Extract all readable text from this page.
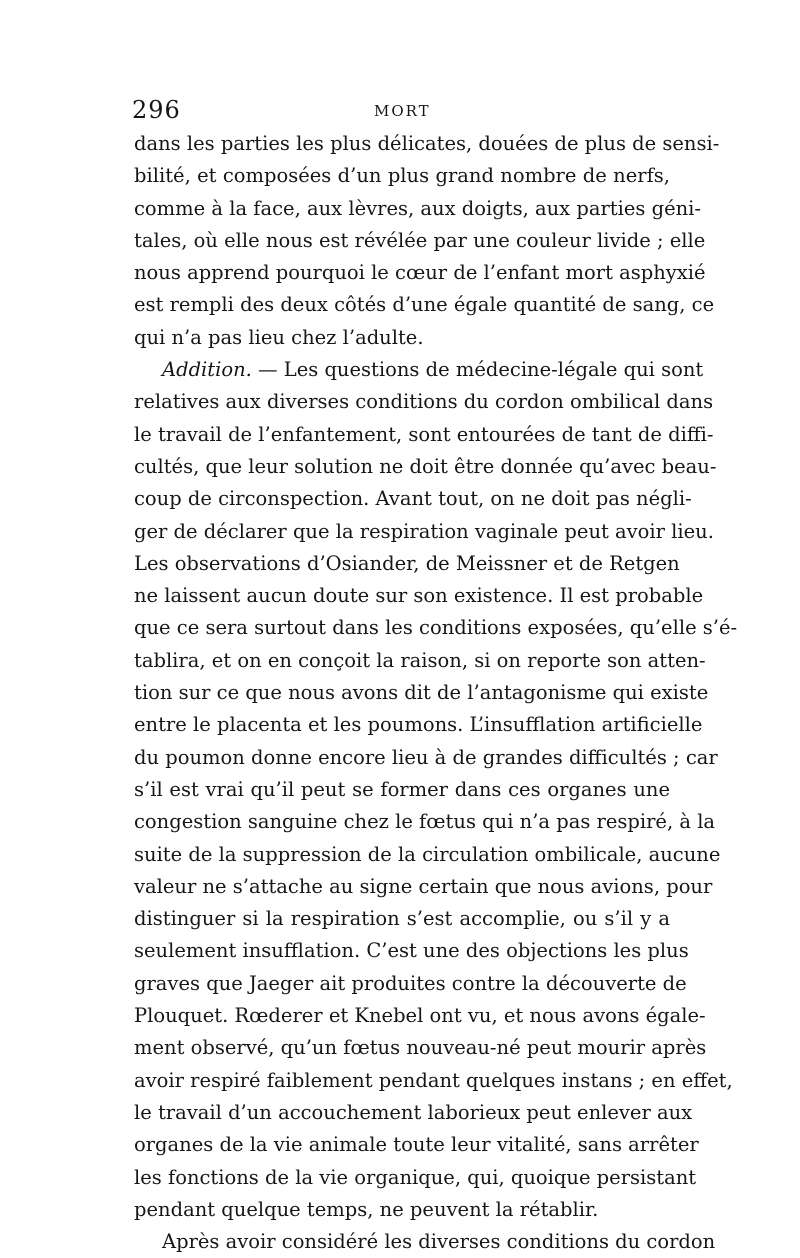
296	MORT
dans les parties les plus délicates, douées de plus de sensi-
bilité, et composées d’un plus grand nombre de nerfs,
comme à la face, aux lèvres, aux doigts, aux parties géni-
tales, où elle nous est révélée par une couleur livide ; elle
nous apprend pourquoi le cœur de l’enfant mort asphyxié
est rempli des deux côtés d’une égale quantité de sang, ce
qui n’a pas lieu chez l’adulte.
Addition. — Les questions de médecine-légale qui sont
relatives aux diverses conditions du cordon ombilical dans
le travail de l’enfantement, sont entourées de tant de diffi-
cultés, que leur solution ne doit être donnée qu’avec beau-
coup de circonspection. Avant tout, on ne doit pas négli-
ger de déclarer que la respiration vaginale peut avoir lieu.
Les observations d’Osiander, de Meissner et de Retgen
ne laissent aucun doute sur son existence. Il est probable
que ce sera surtout dans les conditions exposées, qu’elle s’é-
tablira, et on en conçoit la raison, si on reporte son atten-
tion sur ce que nous avons dit de l’antagonisme qui existe
entre le placenta et les poumons. L’insufflation artificielle
du poumon donne encore lieu à de grandes difficultés ; car
s’il est vrai qu’il peut se former dans ces organes une
congestion sanguine chez le fœtus qui n’a pas respiré, à la
suite de la suppression de la circulation ombilicale, aucune
valeur ne s’attache au signe certain que nous avions, pour
distinguer si la respiration s’est accomplie, ou s’il y a
seulement insufflation. C’est une des objections les plus
graves que Jaeger ait produites contre la découverte de
Plouquet. Rœderer et Knebel ont vu, et nous avons égale-
ment observé, qu’un fœtus nouveau-né peut mourir après
avoir respiré faiblement pendant quelques instans ; en effet,
le travail d’un accouchement laborieux peut enlever aux
organes de la vie animale toute leur vitalité, sans arrêter
les fonctions de la vie organique, qui, quoique persistant
pendant quelque temps, ne peuvent la rétablir.
Après avoir considéré les diverses conditions du cordon
